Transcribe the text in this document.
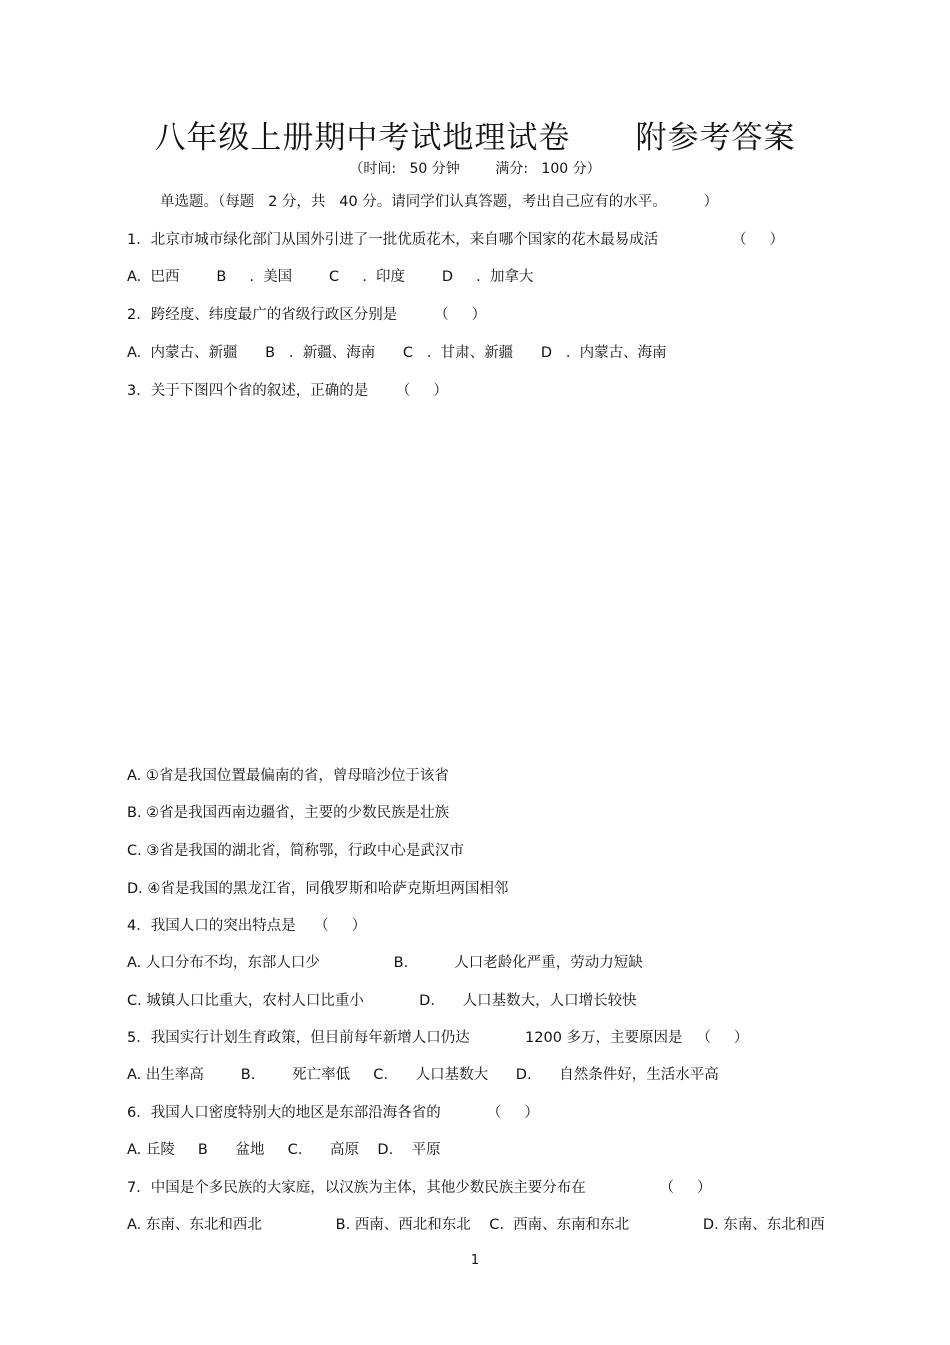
八年级上册期中考试地理试卷      附参考答案
（时间:   50 分钟        满分:   100 分）
单选题。（每题   2 分，共   40 分。请同学们认真答题，考出自己应有的水平。        ）
1．北京市城市绿化部门从国外引进了一批优质花木，来自哪个国家的花木最易成活                （     ）
A.  巴西        B     .  美国        C     .  印度        D     .  加拿大
2．跨经度、纬度最广的省级行政区分别是        （     ）
A.  内蒙古、新疆      B   .  新疆、海南      C   .  甘肃、新疆      D   .  内蒙古、海南
3．关于下图四个省的叙述，正确的是      （     ）
A. ①省是我国位置最偏南的省，曾母暗沙位于该省
B. ②省是我国西南边疆省，主要的少数民族是壮族
C. ③省是我国的湖北省，简称鄂，行政中心是武汉市
D. ④省是我国的黑龙江省，同俄罗斯和哈萨克斯坦两国相邻
4．我国人口的突出特点是    （     ）
A. 人口分布不均，东部人口少                B.          人口老龄化严重，劳动力短缺
C. 城镇人口比重大，农村人口比重小            D.      人口基数大，人口增长较快
5．我国实行计划生育政策，但目前每年新增人口仍达            1200 多万，主要原因是   （     ）
A. 出生率高        B.        死亡率低     C.      人口基数大      D.      自然条件好，生活水平高
6．我国人口密度特别大的地区是东部沿海各省的          （     ）
A. 丘陵     B      盆地     C.      高原    D.    平原
7．中国是个多民族的大家庭，以汉族为主体，其他少数民族主要分布在                （     ）
A. 东南、东北和西北                B. 西南、西北和东北    C.  西南、东南和东北                D. 东南、东北和西
1
